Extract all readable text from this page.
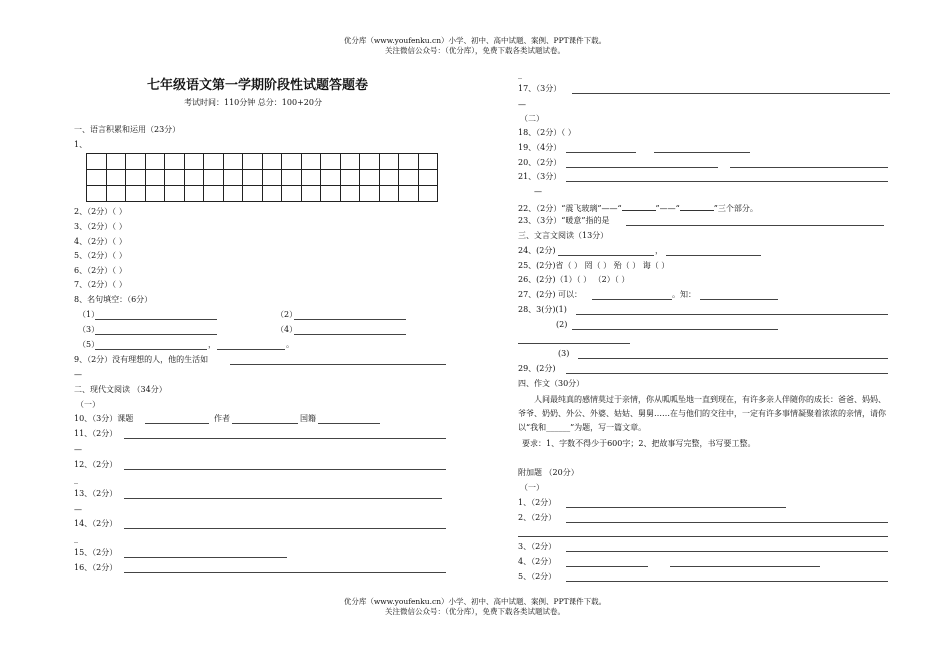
优分库（www.youfenku.cn）小学、初中、高中试题、案例、PPT课件下载。
关注微信公众号：（优分库），免费下载各类试题试卷。
优分库（www.youfenku.cn）小学、初中、高中试题、案例、PPT课件下载。
关注微信公众号：（优分库），免费下载各类试题试卷。
七年级语文第一学期阶段性试题答题卷
考试时间：110分钟 总分：100+20分
一、语言积累和运用（23分）
1、

2、（2分）（ ）
3、（2分）（ ）
4、（2分）（ ）
5、（2分）（ ）
6、（2分）（ ）
7、（2分）（ ）
8、名句填空：（6分）
（1）	（2）
（3）	（4）
（5）	，	。
9、（2分）没有理想的人，他的生活如
—
二、现代文阅读 （34分）
（一）
10、（3分）课题	作者	国籍
11、（2分）
—
12、（2分）
_
13、（2分）
—
14、（2分）
_
15、（2分）
16、（2分）
_
17、（3分）
—
（二）
18、（2分）（ ）
19、（4分）
20、（2分）
21、（3分）
—
22、（2分）“震飞玻璃”——“	”——“	”三个部分。
23、（3分）“暖意”指的是
三、文言文阅读（13分）
24、(2分)	，
25、(2分)省（ ） 罔（ ） 殆（ ） 诲（ ）
26、(2分)（1）（ ） （2）（ ）
27、(2分) 可以：	。知：
28、3(分)(1)
(2)
(3)
29、(2分)
四、作文（30分）
人间最纯真的感情莫过于亲情，你从呱呱坠地一直到现在，有许多亲人伴随你的成长：爸爸、妈妈、爷爷、奶奶、外公、外婆、姑姑、舅舅……在与他们的交往中，一定有许多事情凝聚着浓浓的亲情，请你以“我和______”为题，写一篇文章。
要求：1、字数不得少于600字；2、把故事写完整，书写要工整。
附加题 （20分）
（一）
1、（2分）
2、（2分）
3、（2分）
4、（2分）
5、（2分）
